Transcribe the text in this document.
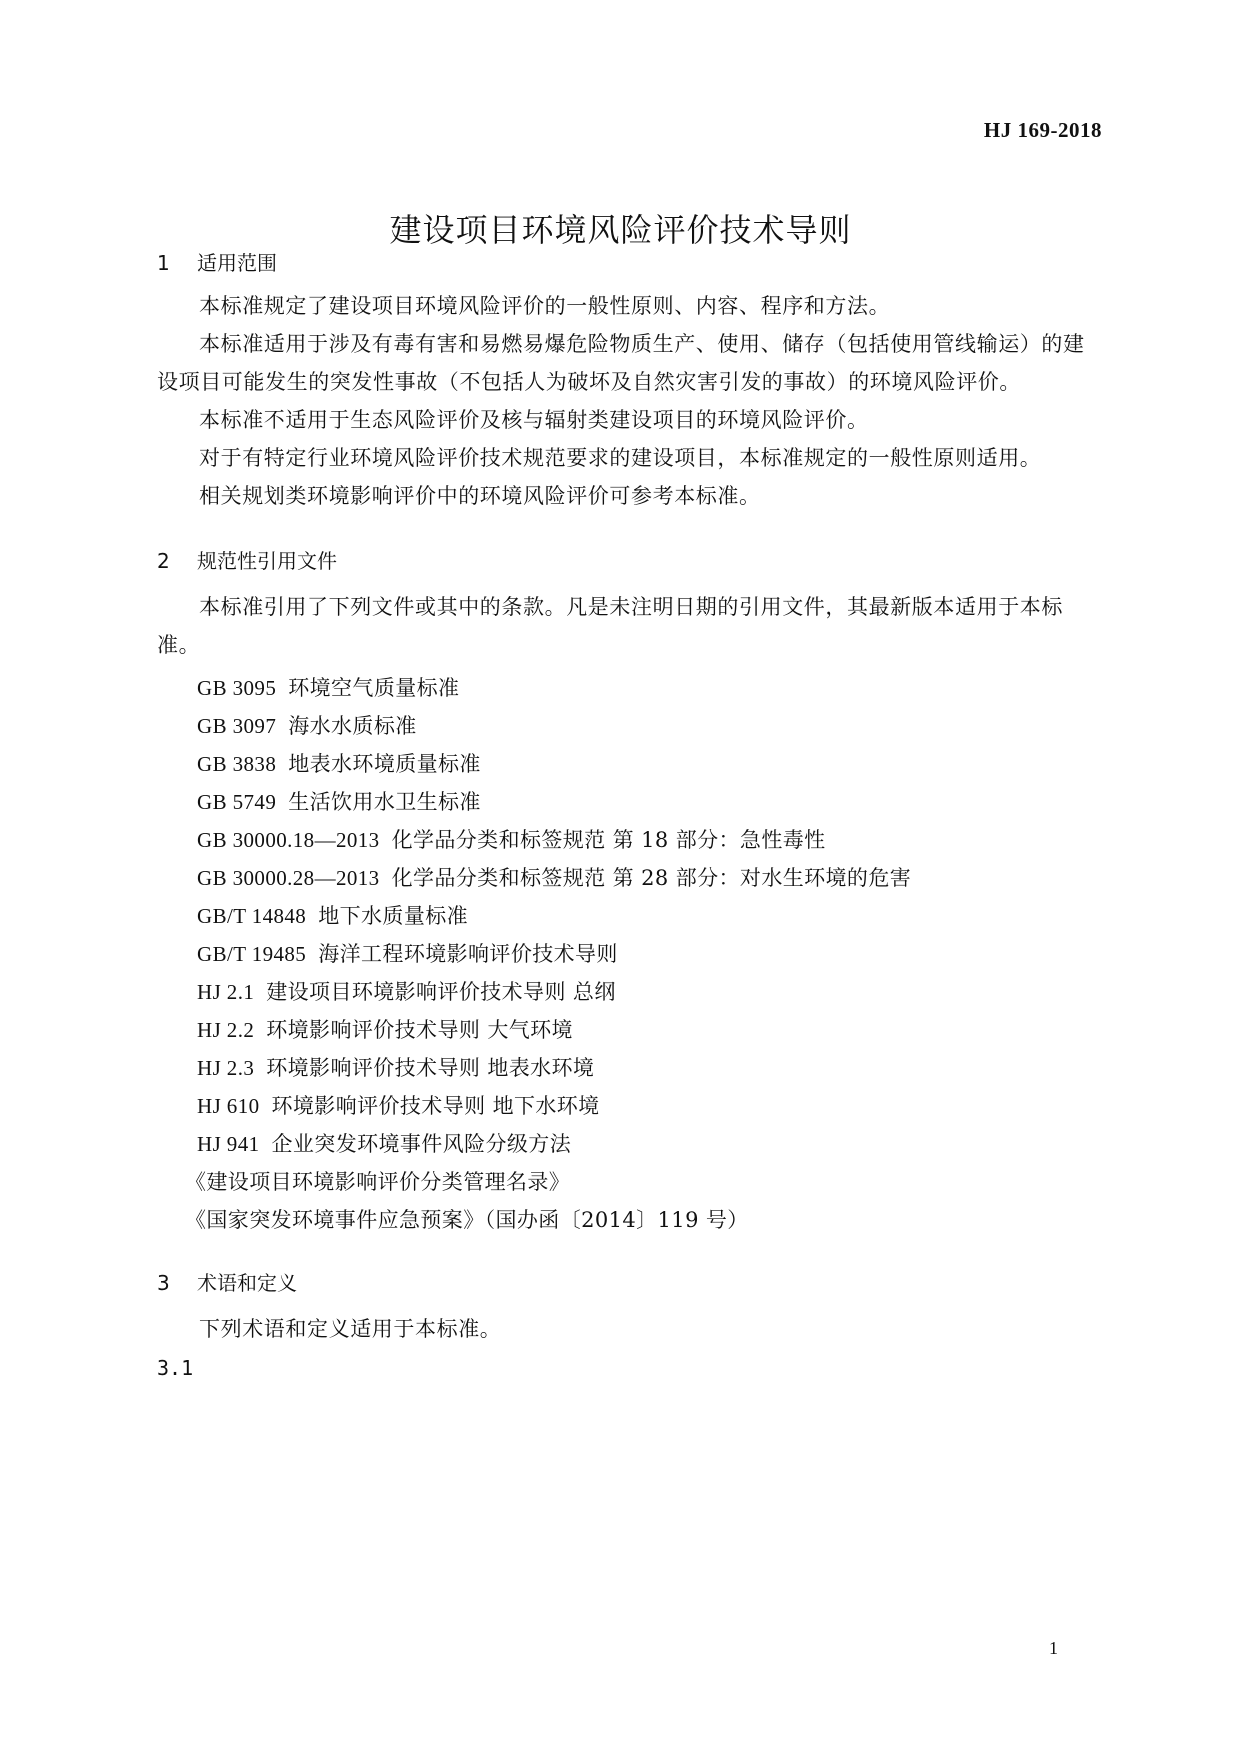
HJ 169-2018
建设项目环境风险评价技术导则
1 适用范围

本标准规定了建设项目环境风险评价的一般性原则、内容、程序和方法。

本标准适用于涉及有毒有害和易燃易爆危险物质生产、使用、储存（包括使用管线输运）的建设项目可能发生的突发性事故（不包括人为破坏及自然灾害引发的事故）的环境风险评价。

本标准不适用于生态风险评价及核与辐射类建设项目的环境风险评价。

对于有特定行业环境风险评价技术规范要求的建设项目，本标准规定的一般性原则适用。

相关规划类环境影响评价中的环境风险评价可参考本标准。

2 规范性引用文件

本标准引用了下列文件或其中的条款。凡是未注明日期的引用文件，其最新版本适用于本标准。

GB 3095 环境空气质量标准
GB 3097 海水水质标准
GB 3838 地表水环境质量标准
GB 5749 生活饮用水卫生标准
GB 30000.18—2013 化学品分类和标签规范 第 18 部分：急性毒性
GB 30000.28—2013 化学品分类和标签规范 第 28 部分：对水生环境的危害
GB/T 14848 地下水质量标准
GB/T 19485 海洋工程环境影响评价技术导则
HJ 2.1 建设项目环境影响评价技术导则 总纲
HJ 2.2 环境影响评价技术导则 大气环境
HJ 2.3 环境影响评价技术导则 地表水环境
HJ 610 环境影响评价技术导则 地下水环境
HJ 941 企业突发环境事件风险分级方法
《建设项目环境影响评价分类管理名录》
《国家突发环境事件应急预案》（国办函〔2014〕119 号）
3 术语和定义

下列术语和定义适用于本标准。

3.1
1
